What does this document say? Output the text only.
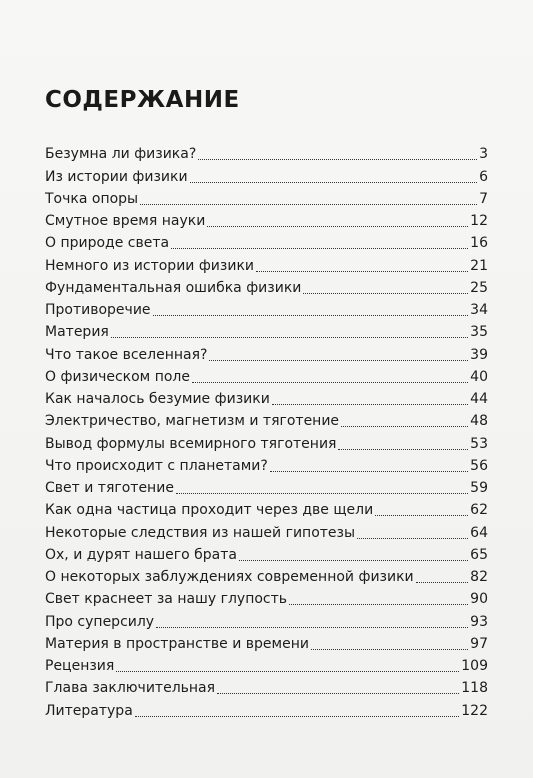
СОДЕРЖАНИЕ
Безумна ли физика?	3
Из истории физики	6
Точка опоры	7
Смутное время науки	12
О природе света	16
Немного из истории физики	21
Фундаментальная ошибка физики	25
Противоречие	34
Материя	35
Что такое вселенная?	39
О физическом поле	40
Как началось безумие физики	44
Электричество, магнетизм и тяготение	48
Вывод формулы всемирного тяготения	53
Что происходит с планетами?	56
Свет и тяготение	59
Как одна частица проходит через две щели	62
Некоторые следствия из нашей гипотезы	64
Ох, и дурят нашего брата	65
О некоторых заблуждениях современной физики	82
Свет краснеет за нашу глупость	90
Про суперсилу	93
Материя в пространстве и времени	97
Рецензия	109
Глава заключительная	118
Литература	122
